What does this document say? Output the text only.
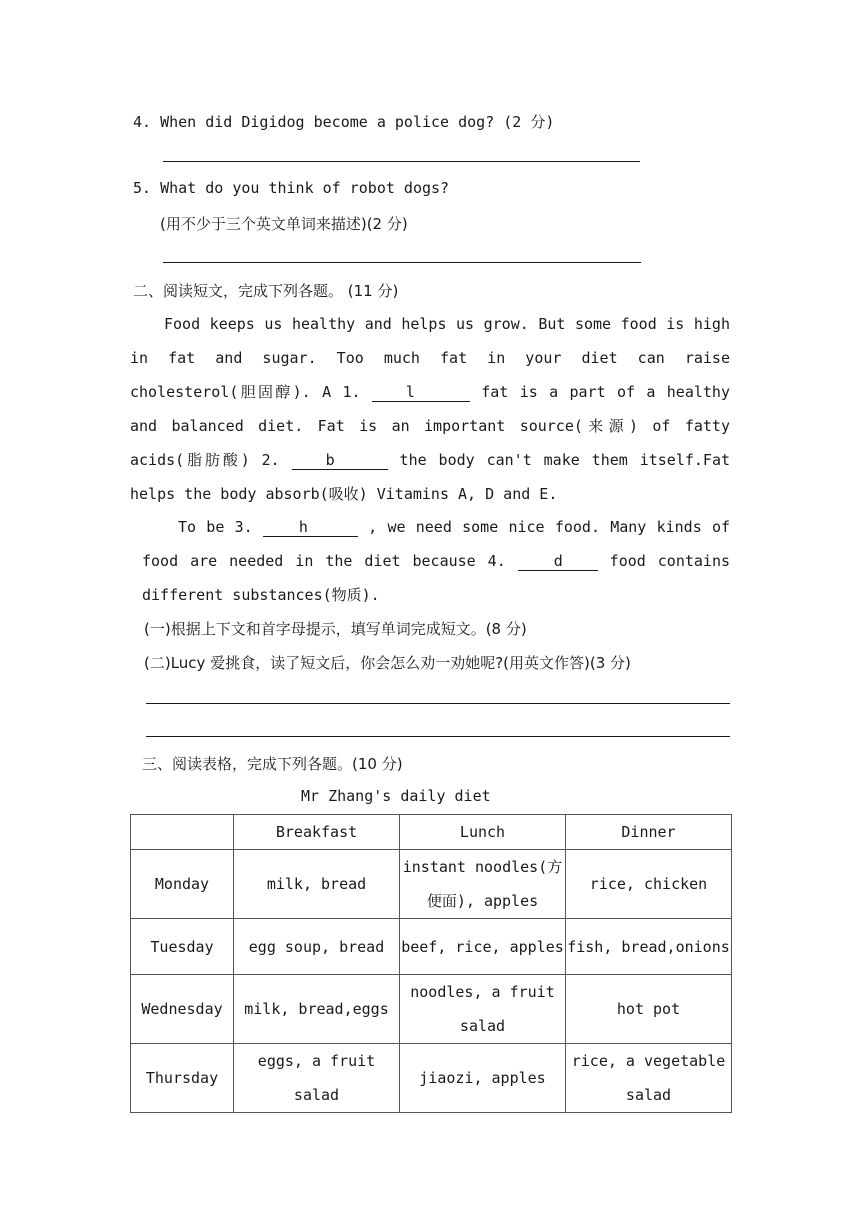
4. When did Digidog become a police dog? (2 分)
5. What do you think of robot dogs?
(用不少于三个英文单词来描述)(2 分)
二、阅读短文，完成下列各题。 (11 分)
Food keeps us healthy and helps us grow. But some food is high in fat and sugar. Too much fat in your diet can raise cholesterol(胆固醇). A 1.	l	fat is a part of a healthy and balanced diet. Fat is an important source(来源) of fatty acids(脂肪酸) 2.	b	the body can't make them itself.Fat helps the body absorb(吸收) Vitamins A, D and E.
To be 3.	h	, we need some nice food. Many kinds of food are needed in the diet because 4.	d	food contains different substances(物质).
(一)根据上下文和首字母提示，填写单词完成短文。(8 分)
(二)Lucy 爱挑食，读了短文后，你会怎么劝一劝她呢?(用英文作答)(3 分)
三、阅读表格，完成下列各题。(10 分)
Mr Zhang's daily diet
	Breakfast	Lunch	Dinner
Monday	milk, bread	instant noodles(方便面), apples	rice, chicken
Tuesday	egg soup, bread	beef, rice, apples	fish, bread,onions
Wednesday	milk, bread,eggs	noodles, a fruit salad	hot pot
Thursday	eggs, a fruit salad	jiaozi, apples	rice, a vegetable salad
